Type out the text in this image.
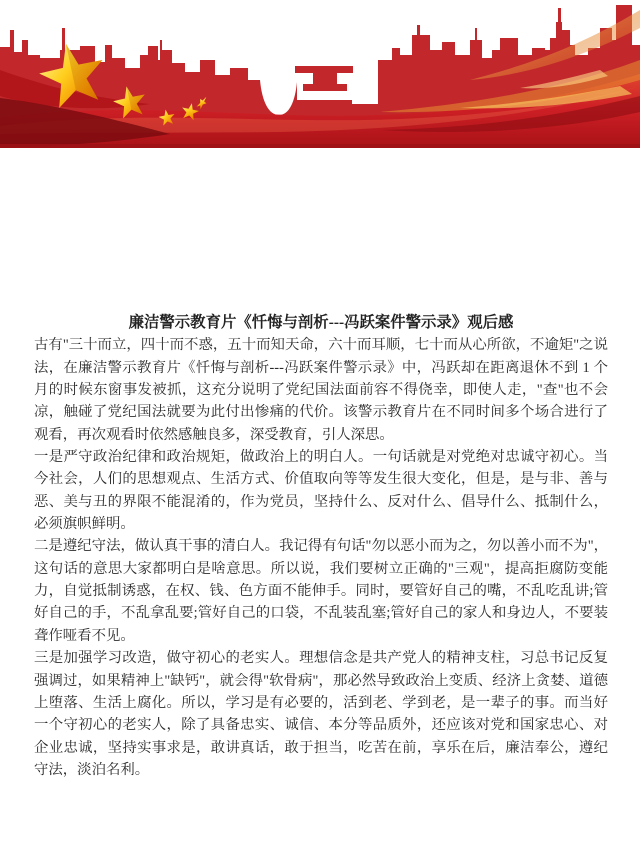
廉洁警示教育片《忏悔与剖析---冯跃案件警示录》观后感

古有"三十而立，四十而不惑，五十而知天命，六十而耳顺，七十而从心所欲，不逾矩"之说法，在廉洁警示教育片《忏悔与剖析---冯跃案件警示录》中，冯跃却在距离退休不到 1 个月的时候东窗事发被抓，这充分说明了党纪国法面前容不得侥幸，即使人走，"查"也不会凉，触碰了党纪国法就要为此付出惨痛的代价。该警示教育片在不同时间多个场合进行了观看，再次观看时依然感触良多，深受教育，引人深思。

一是严守政治纪律和政治规矩，做政治上的明白人。一句话就是对党绝对忠诚守初心。当今社会，人们的思想观点、生活方式、价值取向等等发生很大变化，但是，是与非、善与恶、美与丑的界限不能混淆的，作为党员，坚持什么、反对什么、倡导什么、抵制什么，必须旗帜鲜明。

二是遵纪守法，做认真干事的清白人。我记得有句话"勿以恶小而为之，勿以善小而不为"，这句话的意思大家都明白是啥意思。所以说，我们要树立正确的"三观"，提高拒腐防变能力，自觉抵制诱惑，在权、钱、色方面不能伸手。同时，要管好自己的嘴，不乱吃乱讲;管好自己的手，不乱拿乱要;管好自己的口袋，不乱装乱塞;管好自己的家人和身边人，不要装聋作哑看不见。

三是加强学习改造，做守初心的老实人。理想信念是共产党人的精神支柱，习总书记反复强调过，如果精神上"缺钙"，就会得"软骨病"，那必然导致政治上变质、经济上贪婪、道德上堕落、生活上腐化。所以，学习是有必要的，活到老、学到老，是一辈子的事。而当好一个守初心的老实人，除了具备忠实、诚信、本分等品质外，还应该对党和国家忠心、对企业忠诚，坚持实事求是，敢讲真话，敢于担当，吃苦在前，享乐在后，廉洁奉公，遵纪守法，淡泊名利。
